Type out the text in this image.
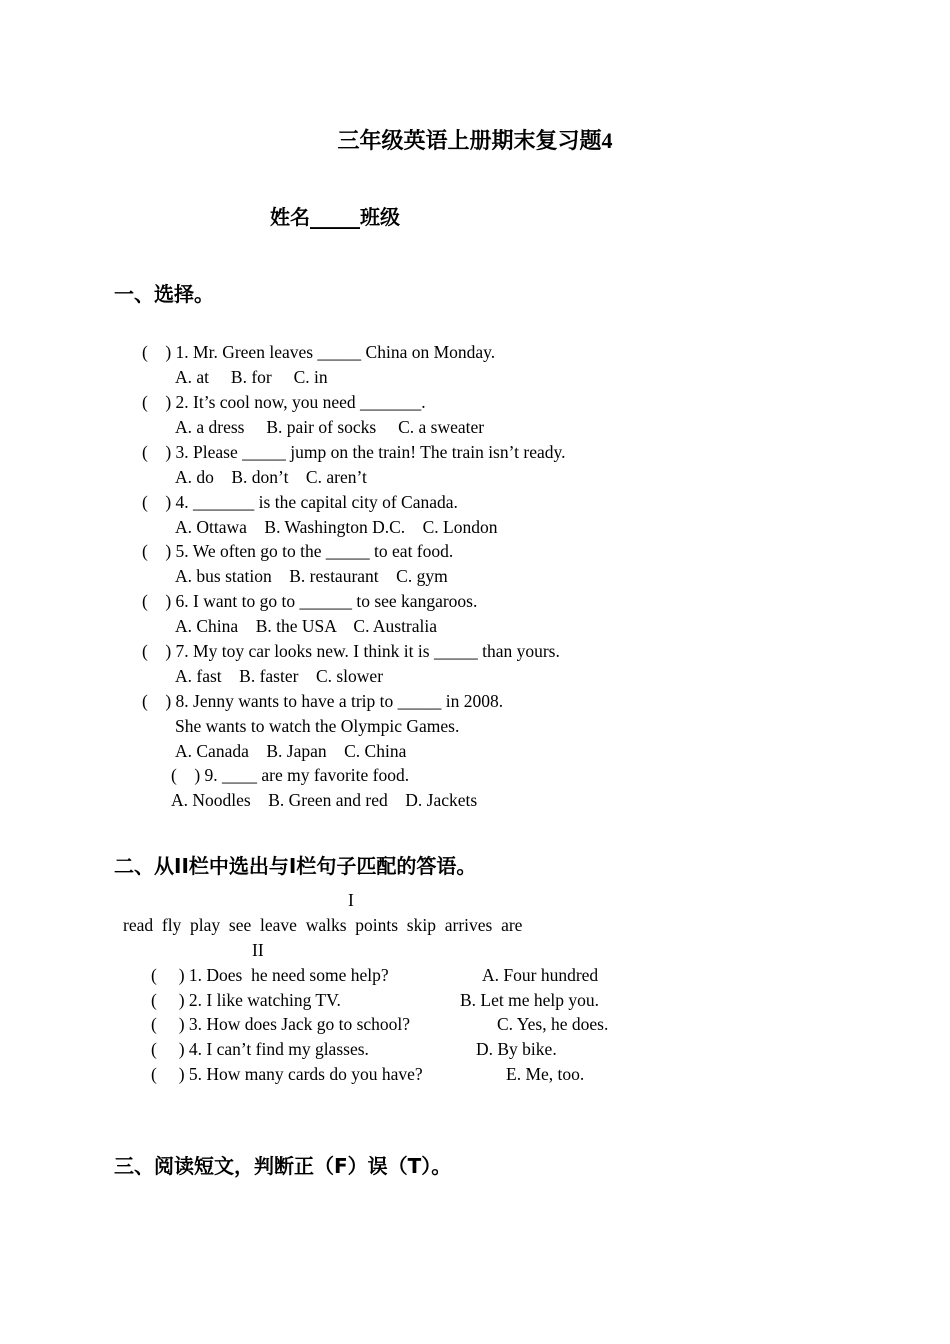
三年级英语上册期末复习题4
姓名_____班级
一、选择。
(    ) 1. Mr. Green leaves _____ China on Monday.
A. at     B. for     C. in
(    ) 2. It’s cool now, you need _______.
A. a dress     B. pair of socks     C. a sweater
(    ) 3. Please _____ jump on the train! The train isn’t ready.
A. do    B. don’t    C. aren’t
(    ) 4. _______ is the capital city of Canada.
A. Ottawa    B. Washington D.C.    C. London
(    ) 5. We often go to the _____ to eat food.
A. bus station    B. restaurant    C. gym
(    ) 6. I want to go to ______ to see kangaroos.
A. China    B. the USA    C. Australia
(    ) 7. My toy car looks new. I think it is _____ than yours.
A. fast    B. faster    C. slower
(    ) 8. Jenny wants to have a trip to _____ in 2008.
She wants to watch the Olympic Games.
A. Canada    B. Japan    C. China
(    ) 9. ____ are my favorite food.
A. Noodles    B. Green and red    D. Jackets
二、从II栏中选出与I栏句子匹配的答语。
I
read  fly  play  see  leave  walks  points  skip  arrives  are
II
(     ) 1. Does  he need some help?	A. Four hundred
(     ) 2. I like watching TV.	B. Let me help you.
(     ) 3. How does Jack go to school?	C. Yes, he does.
(     ) 4. I can’t find my glasses.	D. By bike.
(     ) 5. How many cards do you have?	E. Me, too.
三、阅读短文，判断正（F）误（T）。
